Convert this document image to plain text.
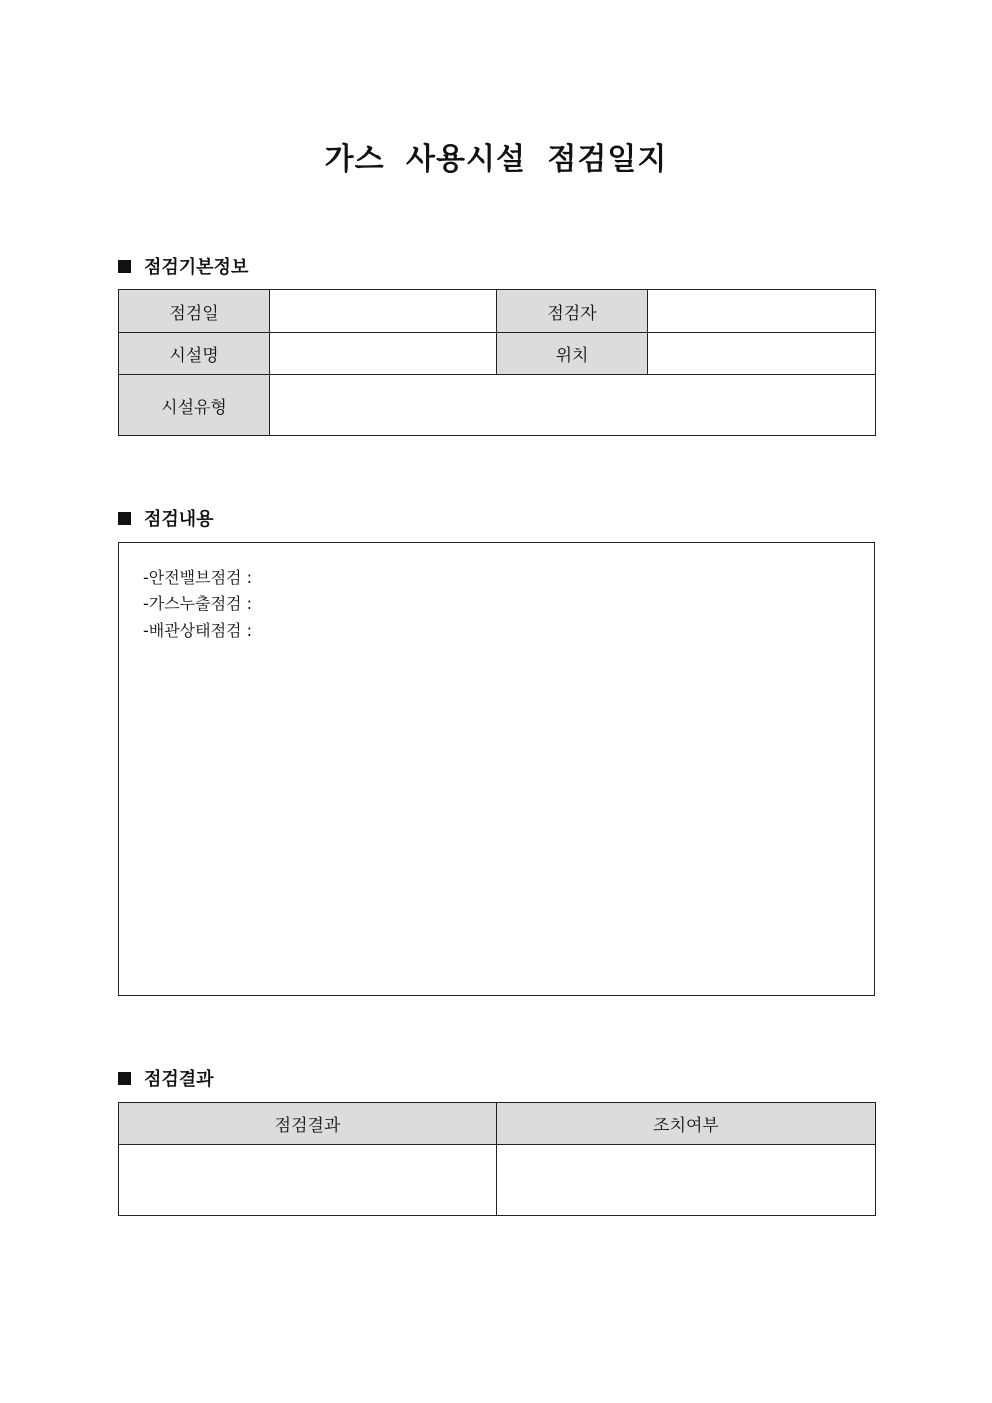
가스 사용시설 점검일지
점검기본정보
점검일		점검자	
시설명		위치	
시설유형			
점검내용
-안전밸브점검 :
-가스누출점검 :
-배관상태점검 :
점검결과
점검결과	조치여부
